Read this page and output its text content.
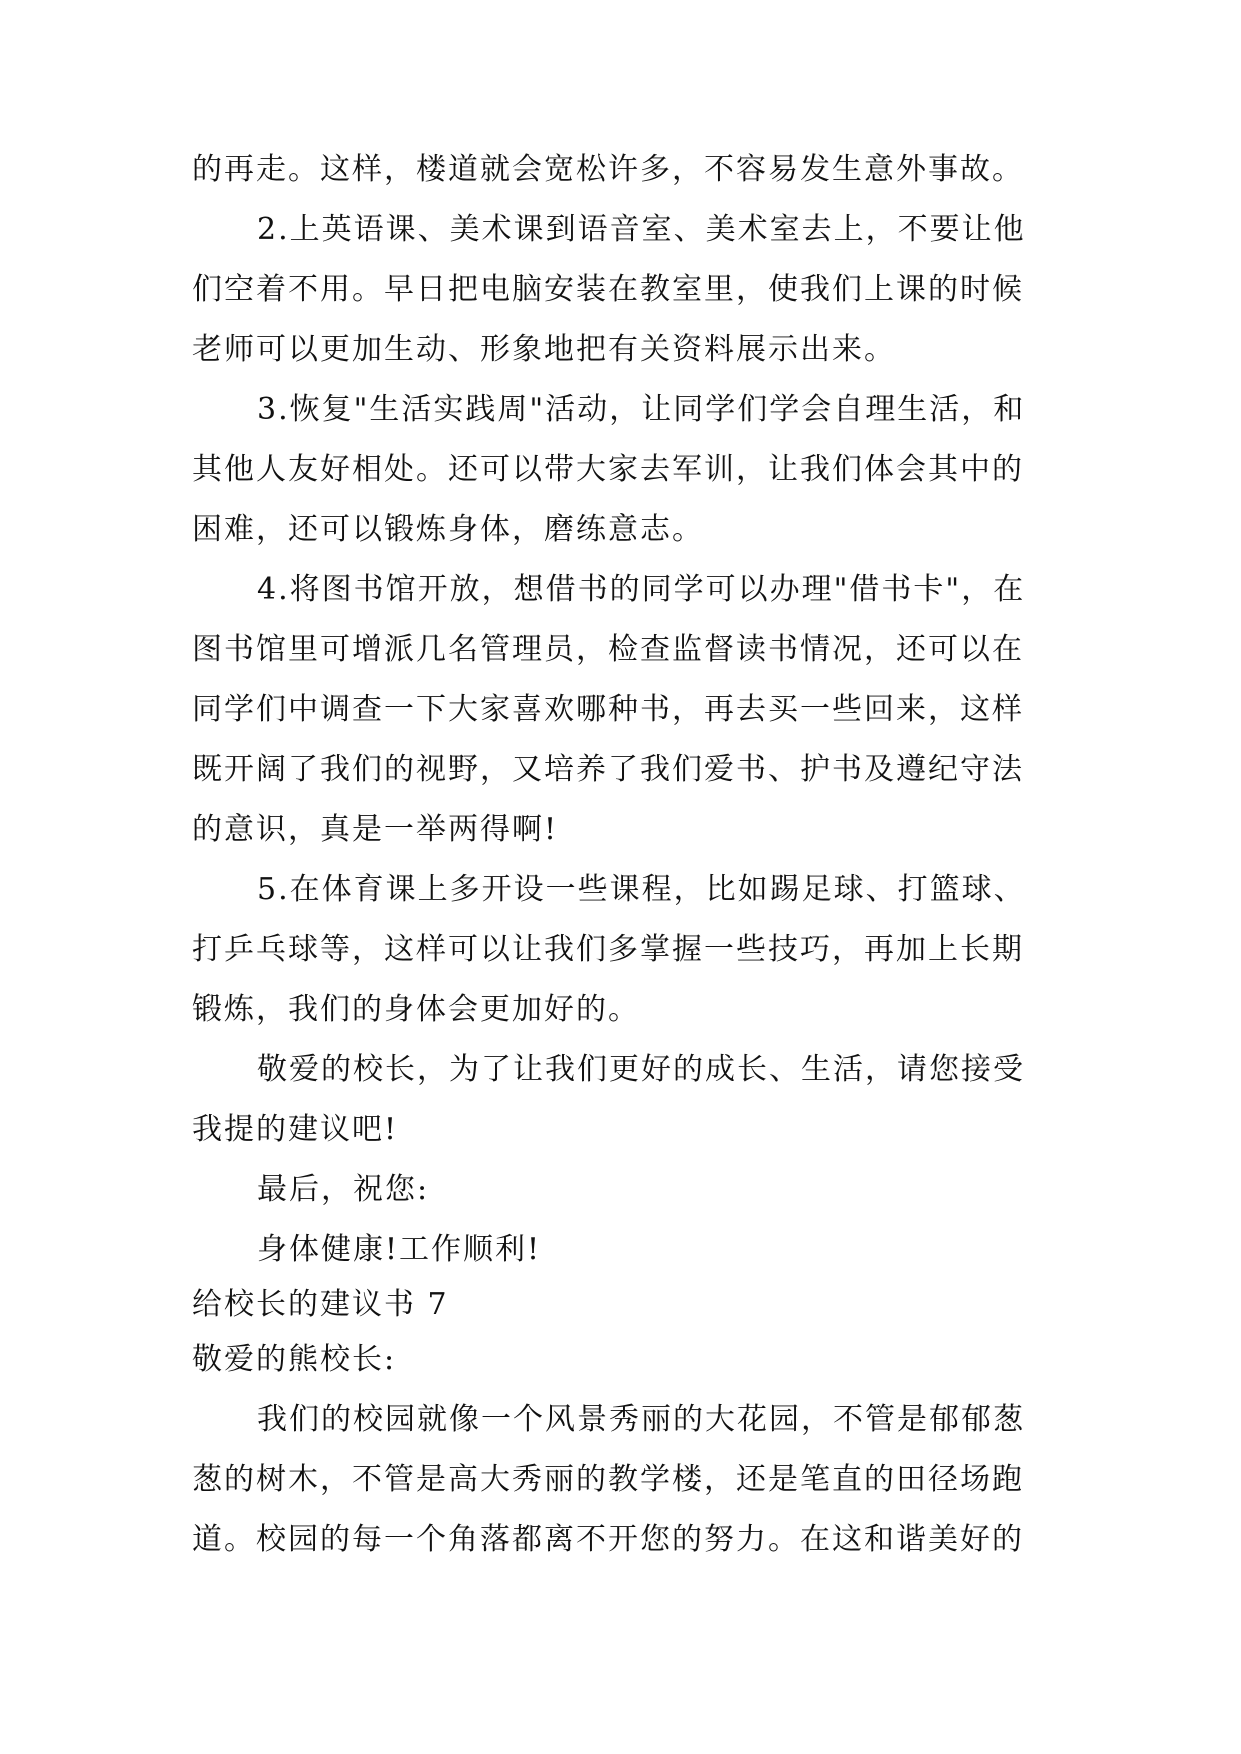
的再走。这样，楼道就会宽松许多，不容易发生意外事故。
2.上英语课、美术课到语音室、美术室去上，不要让他
们空着不用。早日把电脑安装在教室里，使我们上课的时候
老师可以更加生动、形象地把有关资料展示出来。
3.恢复"生活实践周"活动，让同学们学会自理生活，和
其他人友好相处。还可以带大家去军训，让我们体会其中的
困难，还可以锻炼身体，磨练意志。
4.将图书馆开放，想借书的同学可以办理"借书卡"，在
图书馆里可增派几名管理员，检查监督读书情况，还可以在
同学们中调查一下大家喜欢哪种书，再去买一些回来，这样
既开阔了我们的视野，又培养了我们爱书、护书及遵纪守法
的意识，真是一举两得啊!
5.在体育课上多开设一些课程，比如踢足球、打篮球、
打乒乓球等，这样可以让我们多掌握一些技巧，再加上长期
锻炼，我们的身体会更加好的。
敬爱的校长，为了让我们更好的成长、生活，请您接受
我提的建议吧!
最后，祝您:
身体健康!工作顺利!
给校长的建议书 7
敬爱的熊校长:
我们的校园就像一个风景秀丽的大花园，不管是郁郁葱
葱的树木，不管是高大秀丽的教学楼，还是笔直的田径场跑
道。校园的每一个角落都离不开您的努力。在这和谐美好的
